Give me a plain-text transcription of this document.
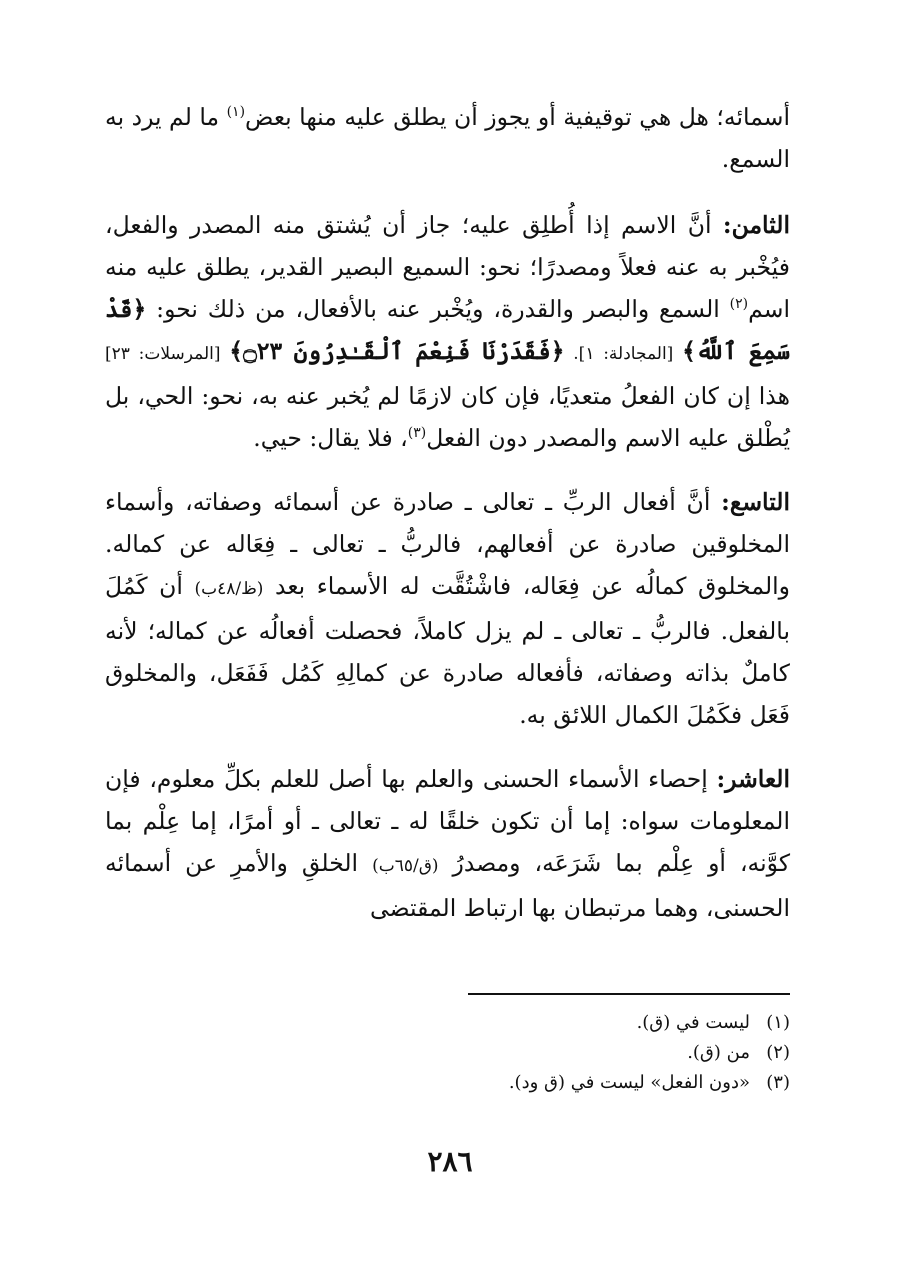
أسمائه؛ هل هي توقيفية أو يجوز أن يطلق عليه منها بعض$^{(١)}$ ما لم يرد به السمع.

الثامن: أنَّ الاسم إذا أُطلِق عليه؛ جاز أن يُشتق منه المصدر والفعل، فيُخْبر به عنه فعلاً ومصدرًا؛ نحو: السميع البصير القدير، يطلق عليه منه اسم$^{(٢)}$ السمع والبصر والقدرة، ويُخْبر عنه بالأفعال، من ذلك نحو: ﴿قَدْ سَمِعَ ٱللَّهُ﴾ [المجادلة: ١]. ﴿فَقَدَرْنَا فَنِعْمَ ٱلْقَـٰدِرُونَ ۝٢٣﴾ [المرسلات: ٢٣] هذا إن كان الفعلُ متعديًا، فإن كان لازمًا لم يُخبر عنه به، نحو: الحي، بل يُطْلق عليه الاسم والمصدر دون الفعل$^{(٣)}$، فلا يقال: حيي.

التاسع: أنَّ أفعال الربِّ ـ تعالى ـ صادرة عن أسمائه وصفاته، وأسماء المخلوقين صادرة عن أفعالهم، فالربُّ ـ تعالى ـ فِعَاله عن كماله. والمخلوق كمالُه عن فِعَاله، فاشْتُقَّت له الأسماء بعد (ظ/٤٨ب) أن كَمُلَ بالفعل. فالربُّ ـ تعالى ـ لم يزل كاملاً، فحصلت أفعالُه عن كماله؛ لأنه كاملٌ بذاته وصفاته، فأفعاله صادرة عن كمالِهِ كَمُل فَفَعَل، والمخلوق فَعَل فكَمُلَ الكمال اللائق به.

العاشر: إحصاء الأسماء الحسنى والعلم بها أصل للعلم بكلِّ معلوم، فإن المعلومات سواه: إما أن تكون خلقًا له ـ تعالى ـ أو أمرًا، إما عِلْم بما كوَّنه، أو عِلْم بما شَرَعَه، ومصدرُ (ق/٦٥ب) الخلقِ والأمرِ عن أسمائه الحسنى، وهما مرتبطان بها ارتباط المقتضى

(١)ليست في (ق).
(٢)من (ق).
(٣)«دون الفعل» ليست في (ق ود).
٢٨٦
